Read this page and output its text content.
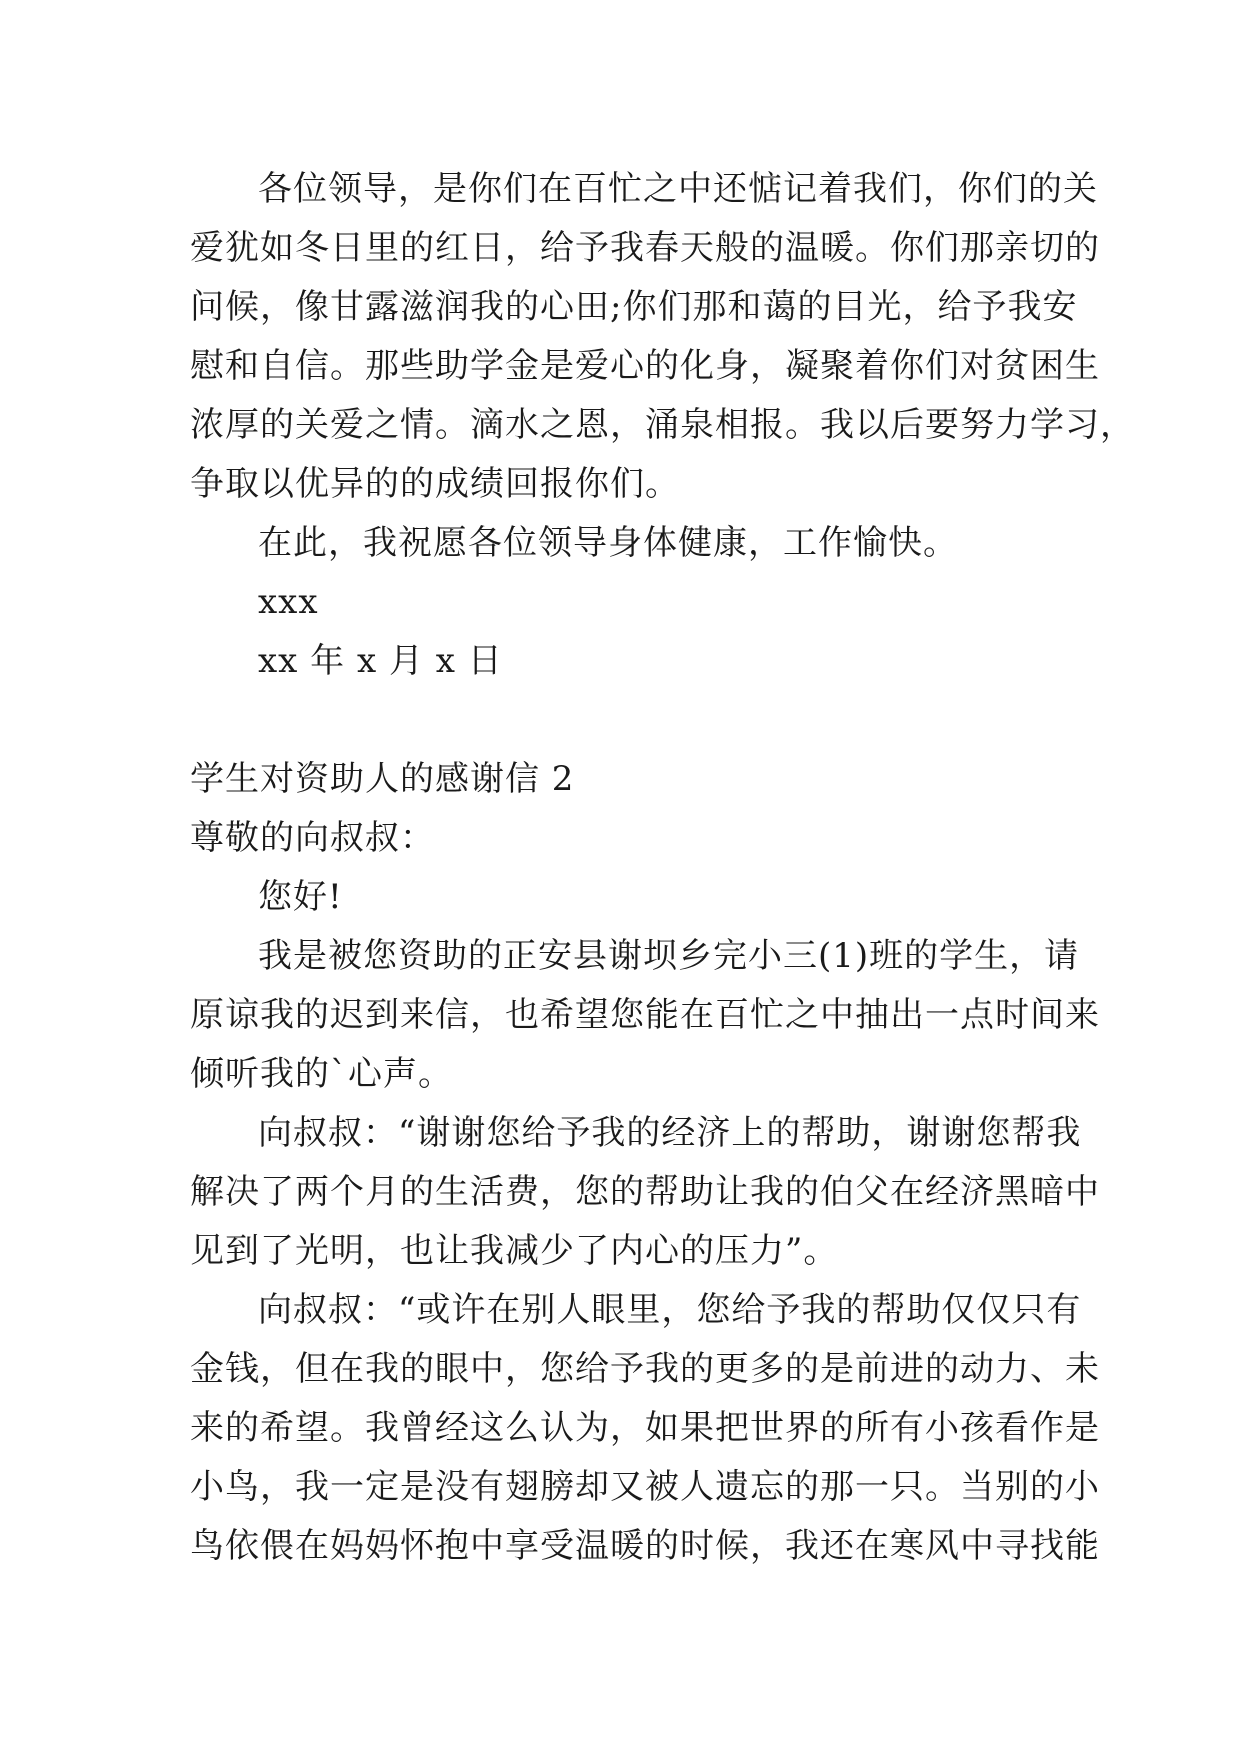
各位领导，是你们在百忙之中还惦记着我们，你们的关
爱犹如冬日里的红日，给予我春天般的温暖。你们那亲切的
问候，像甘露滋润我的心田;你们那和蔼的目光，给予我安
慰和自信。那些助学金是爱心的化身，凝聚着你们对贫困生
浓厚的关爱之情。滴水之恩，涌泉相报。我以后要努力学习，
争取以优异的的成绩回报你们。
在此，我祝愿各位领导身体健康，工作愉快。
xxx
xx 年 x 月 x 日
学生对资助人的感谢信 2
尊敬的向叔叔：
您好!
我是被您资助的正安县谢坝乡完小三(1)班的学生，请
原谅我的迟到来信，也希望您能在百忙之中抽出一点时间来
倾听我的`心声。
向叔叔：“谢谢您给予我的经济上的帮助，谢谢您帮我
解决了两个月的生活费，您的帮助让我的伯父在经济黑暗中
见到了光明，也让我减少了内心的压力”。
向叔叔：“或许在别人眼里，您给予我的帮助仅仅只有
金钱，但在我的眼中，您给予我的更多的是前进的动力、未
来的希望。我曾经这么认为，如果把世界的所有小孩看作是
小鸟，我一定是没有翅膀却又被人遗忘的那一只。当别的小
鸟依偎在妈妈怀抱中享受温暖的时候，我还在寒风中寻找能
